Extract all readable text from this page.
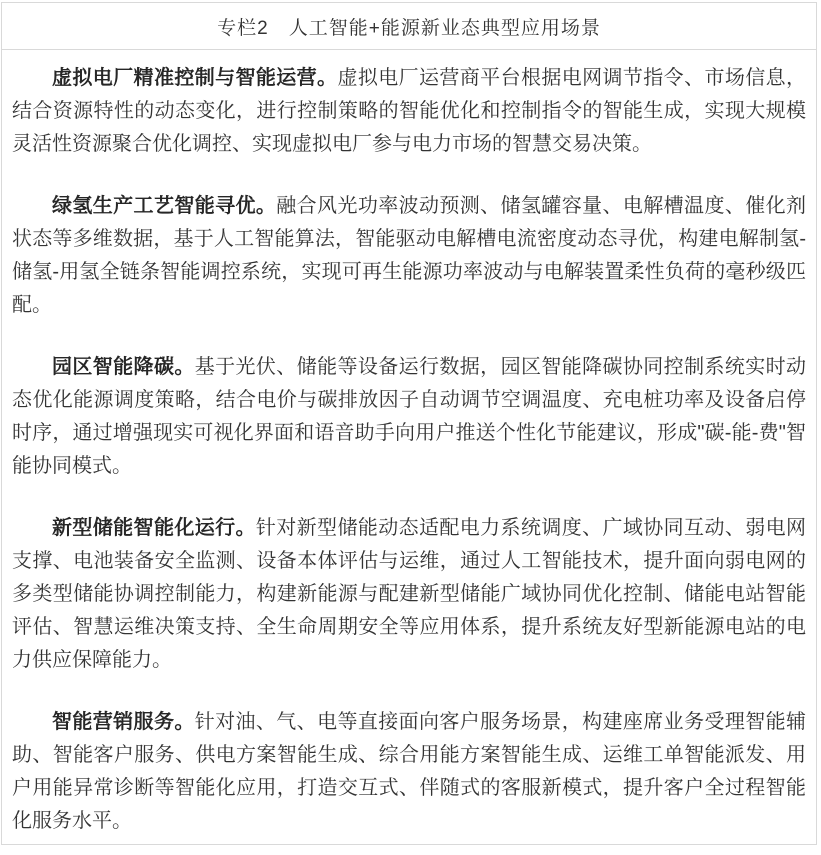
专栏2　人工智能+能源新业态典型应用场景

虚拟电厂精准控制与智能运营。虚拟电厂运营商平台根据电网调节指令、市场信息，结合资源特性的动态变化，进行控制策略的智能优化和控制指令的智能生成，实现大规模灵活性资源聚合优化调控、实现虚拟电厂参与电力市场的智慧交易决策。

绿氢生产工艺智能寻优。融合风光功率波动预测、储氢罐容量、电解槽温度、催化剂状态等多维数据，基于人工智能算法，智能驱动电解槽电流密度动态寻优，构建电解制氢-储氢-用氢全链条智能调控系统，实现可再生能源功率波动与电解装置柔性负荷的毫秒级匹配。

园区智能降碳。基于光伏、储能等设备运行数据，园区智能降碳协同控制系统实时动态优化能源调度策略，结合电价与碳排放因子自动调节空调温度、充电桩功率及设备启停时序，通过增强现实可视化界面和语音助手向用户推送个性化节能建议，形成"碳-能-费"智能协同模式。

新型储能智能化运行。针对新型储能动态适配电力系统调度、广域协同互动、弱电网支撑、电池装备安全监测、设备本体评估与运维，通过人工智能技术，提升面向弱电网的多类型储能协调控制能力，构建新能源与配建新型储能广域协同优化控制、储能电站智能评估、智慧运维决策支持、全生命周期安全等应用体系，提升系统友好型新能源电站的电力供应保障能力。

智能营销服务。针对油、气、电等直接面向客户服务场景，构建座席业务受理智能辅助、智能客户服务、供电方案智能生成、综合用能方案智能生成、运维工单智能派发、用户用能异常诊断等智能化应用，打造交互式、伴随式的客服新模式，提升客户全过程智能化服务水平。
